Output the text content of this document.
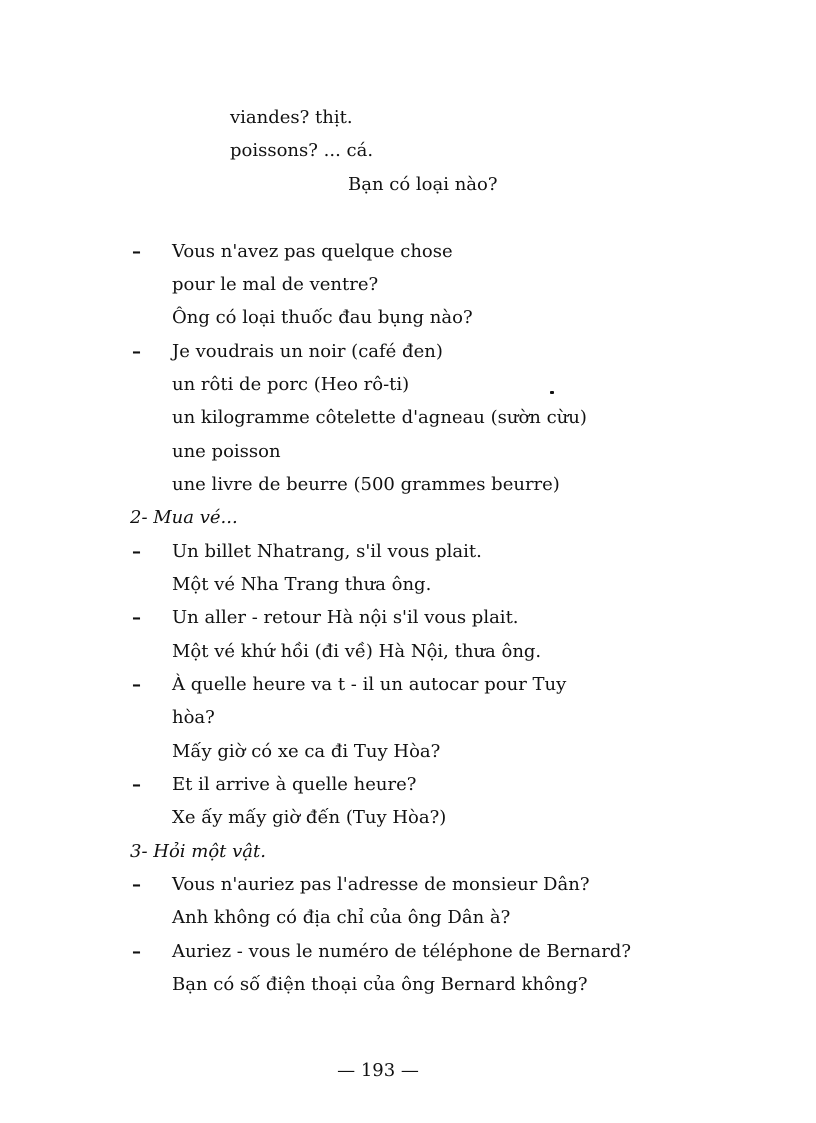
viandes? thịt.
poissons? ... cá.
Bạn có loại nào?
– Vous n'avez pas quelque chose
pour le mal de ventre?
Ông có loại thuốc đau bụng nào?
– Je voudrais un noir (café đen)
un rôti de porc (Heo rô-ti)
un kilogramme côtelette d'agneau (sườn cừu)
une poisson
une livre de beurre (500 grammes beurre)
2- Mua vé...
– Un billet Nhatrang, s'il vous plait.
Một vé Nha Trang thưa ông.
– Un aller - retour Hà nội s'il vous plait.
Một vé khứ hồi (đi về) Hà Nội, thưa ông.
– À quelle heure va t - il un autocar pour Tuy
hòa?
Mấy giờ có xe ca đi Tuy Hòa?
– Et il arrive à quelle heure?
Xe ấy mấy giờ đến (Tuy Hòa?)
3- Hỏi một vật.
– Vous n'auriez pas l'adresse de monsieur Dân?
Anh không có địa chỉ của ông Dân à?
– Auriez - vous le numéro de téléphone de Bernard?
Bạn có số điện thoại của ông Bernard không?
— 193 —
